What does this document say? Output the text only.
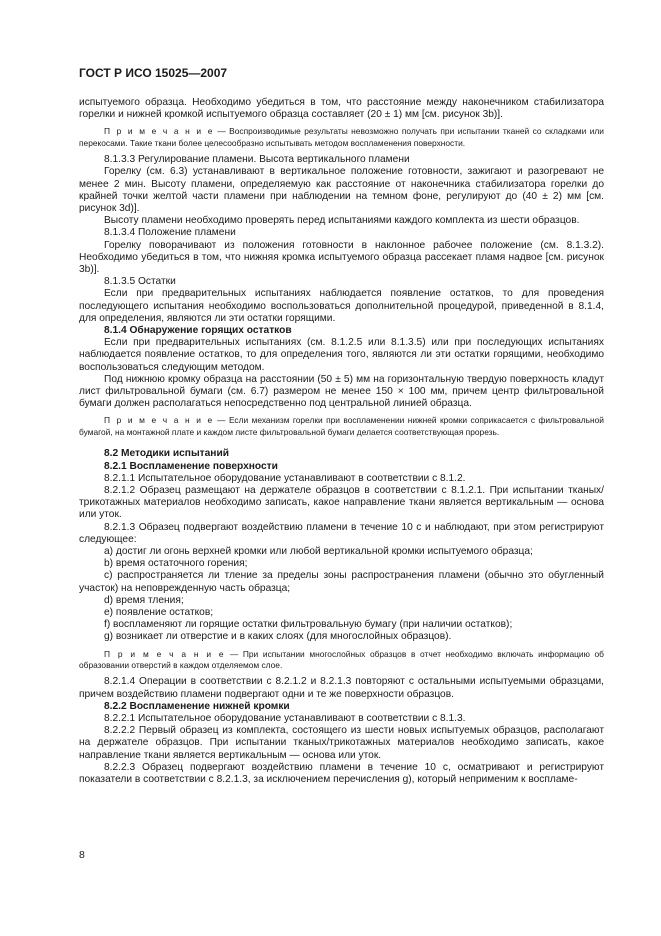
ГОСТ Р ИСО 15025—2007

испытуемого образца. Необходимо убедиться в том, что расстояние между наконечником стабилизатора горелки и нижней кромкой испытуемого образца составляет (20 ± 1) мм [см. рисунок 3b)].

П р и м е ч а н и е — Воспроизводимые результаты невозможно получать при испытании тканей со складками или перекосами. Такие ткани более целесообразно испытывать методом воспламенения поверхности.

8.1.3.3 Регулирование пламени. Высота вертикального пламени

Горелку (см. 6.3) устанавливают в вертикальное положение готовности, зажигают и разогревают не менее 2 мин. Высоту пламени, определяемую как расстояние от наконечника стабилизатора горелки до крайней точки желтой части пламени при наблюдении на темном фоне, регулируют до (40 ± 2) мм [см. рисунок 3d)].

Высоту пламени необходимо проверять перед испытаниями каждого комплекта из шести образцов.

8.1.3.4 Положение пламени

Горелку поворачивают из положения готовности в наклонное рабочее положение (см. 8.1.3.2). Необходимо убедиться в том, что нижняя кромка испытуемого образца рассекает пламя надвое [см. рисунок 3b)].

8.1.3.5 Остатки

Если при предварительных испытаниях наблюдается появление остатков, то для проведения последующего испытания необходимо воспользоваться дополнительной процедурой, приведенной в 8.1.4, для определения, являются ли эти остатки горящими.

8.1.4 Обнаружение горящих остатков

Если при предварительных испытаниях (см. 8.1.2.5 или 8.1.3.5) или при последующих испытаниях наблюдается появление остатков, то для определения того, являются ли эти остатки горящими, необходимо воспользоваться следующим методом.

Под нижнюю кромку образца на расстоянии (50 ± 5) мм на горизонтальную твердую поверхность кладут лист фильтровальной бумаги (см. 6.7) размером не менее 150 × 100 мм, причем центр фильтровальной бумаги должен располагаться непосредственно под центральной линией образца.

П р и м е ч а н и е — Если механизм горелки при воспламенении нижней кромки соприкасается с фильтровальной бумагой, на монтажной плате и каждом листе фильтровальной бумаги делается соответствующая прорезь.

8.2 Методики испытаний

8.2.1 Воспламенение поверхности

8.2.1.1 Испытательное оборудование устанавливают в соответствии с 8.1.2.

8.2.1.2 Образец размещают на держателе образцов в соответствии с 8.1.2.1. При испытании тканых/трикотажных материалов необходимо записать, какое направление ткани является вертикальным — основа или уток.

8.2.1.3 Образец подвергают воздействию пламени в течение 10 с и наблюдают, при этом регистрируют следующее:

a) достиг ли огонь верхней кромки или любой вертикальной кромки испытуемого образца;
b) время остаточного горения;
c) распространяется ли тление за пределы зоны распространения пламени (обычно это обугленный участок) на неповрежденную часть образца;
d) время тления;
e) появление остатков;
f) воспламеняют ли горящие остатки фильтровальную бумагу (при наличии остатков);
g) возникает ли отверстие и в каких слоях (для многослойных образцов).

П р и м е ч а н и е — При испытании многослойных образцов в отчет необходимо включать информацию об образовании отверстий в каждом отделяемом слое.

8.2.1.4 Операции в соответствии с 8.2.1.2 и 8.2.1.3 повторяют с остальными испытуемыми образцами, причем воздействию пламени подвергают одни и те же поверхности образцов.

8.2.2 Воспламенение нижней кромки

8.2.2.1 Испытательное оборудование устанавливают в соответствии с 8.1.3.

8.2.2.2 Первый образец из комплекта, состоящего из шести новых испытуемых образцов, располагают на держателе образцов. При испытании тканых/трикотажных материалов необходимо записать, какое направление ткани является вертикальным — основа или уток.

8.2.2.3 Образец подвергают воздействию пламени в течение 10 с, осматривают и регистрируют показатели в соответствии с 8.2.1.3, за исключением перечисления g), который неприменим к воспламе-

8
